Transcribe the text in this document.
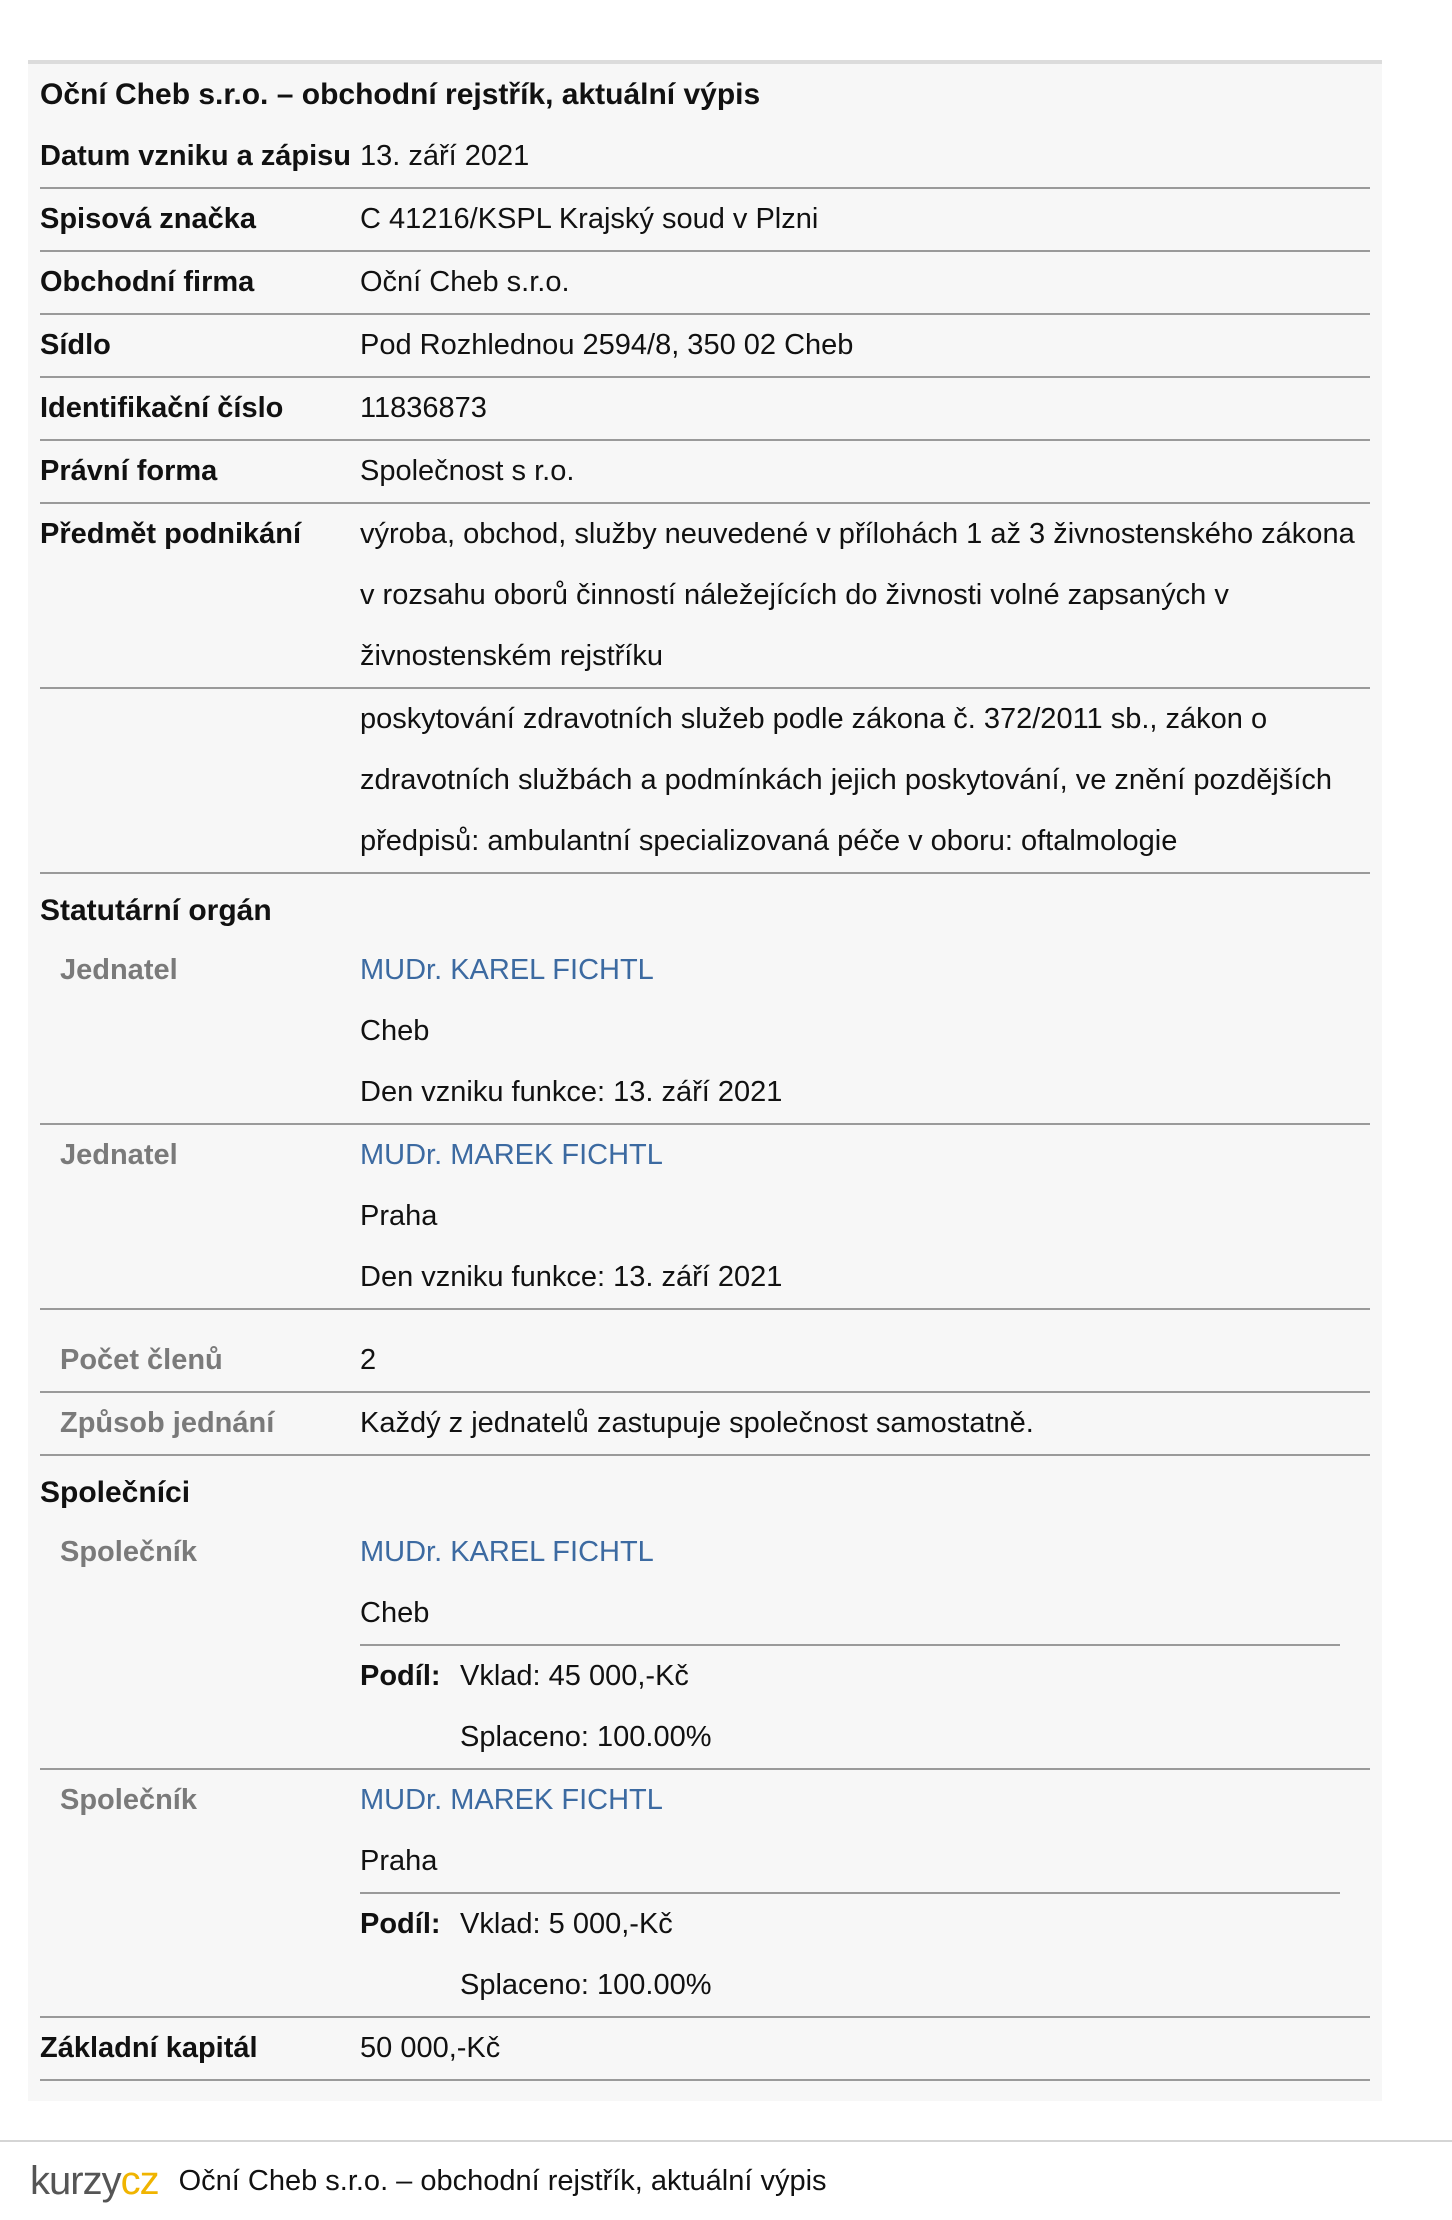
Oční Cheb s.r.o. – obchodní rejstřík, aktuální výpis
Datum vzniku a zápisu 13. září 2021
Spisová značka	C 41216/KSPL Krajský soud v Plzni
Obchodní firma	Oční Cheb s.r.o.
Sídlo	Pod Rozhlednou 2594/8, 350 02 Cheb
Identifikační číslo	11836873
Právní forma	Společnost s r.o.
Předmět podnikání	výroba, obchod, služby neuvedené v přílohách 1 až 3 živnostenského zákona v rozsahu oborů činností náležejících do živnosti volné zapsaných v živnostenském rejstříku
poskytování zdravotních služeb podle zákona č. 372/2011 sb., zákon o zdravotních službách a podmínkách jejich poskytování, ve znění pozdějších předpisů: ambulantní specializovaná péče v oboru: oftalmologie
Statutární orgán
Jednatel	MUDr. KAREL FICHTL
Cheb
Den vzniku funkce: 13. září 2021
Jednatel	MUDr. MAREK FICHTL
Praha
Den vzniku funkce: 13. září 2021
Počet členů	2
Způsob jednání	Každý z jednatelů zastupuje společnost samostatně.
Společníci
Společník	MUDr. KAREL FICHTL
Cheb
Podíl: Vklad: 45 000,-Kč
Splaceno: 100.00%
Společník	MUDr. MAREK FICHTL
Praha
Podíl: Vklad: 5 000,-Kč
Splaceno: 100.00%
Základní kapitál	50 000,-Kč
kurzycz Oční Cheb s.r.o. – obchodní rejstřík, aktuální výpis
